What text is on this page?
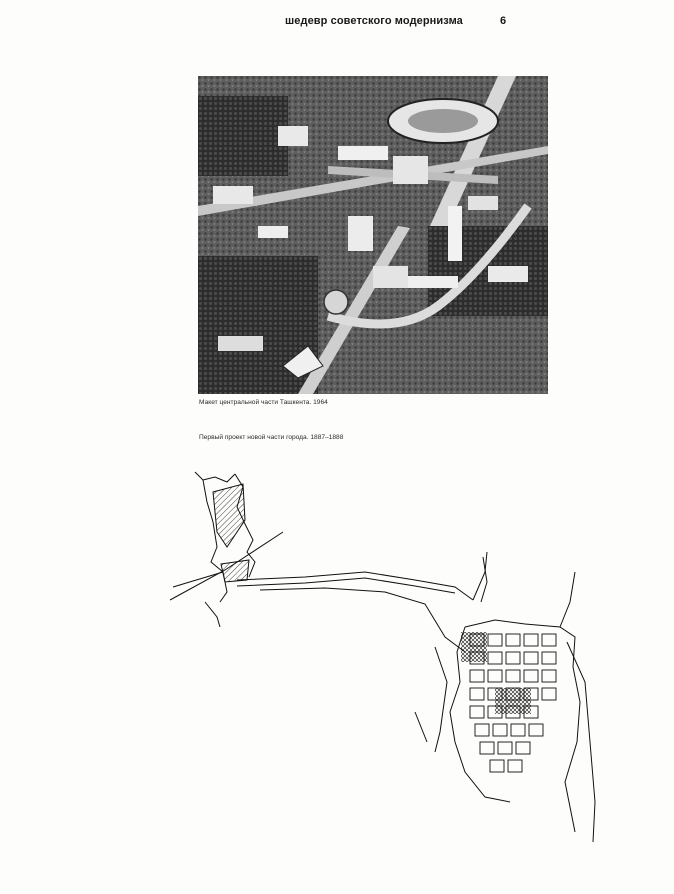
шедевр советского модернизма	6
Макет центральной части Ташкента. 1964
Первый проект новой части города. 1887–1888
